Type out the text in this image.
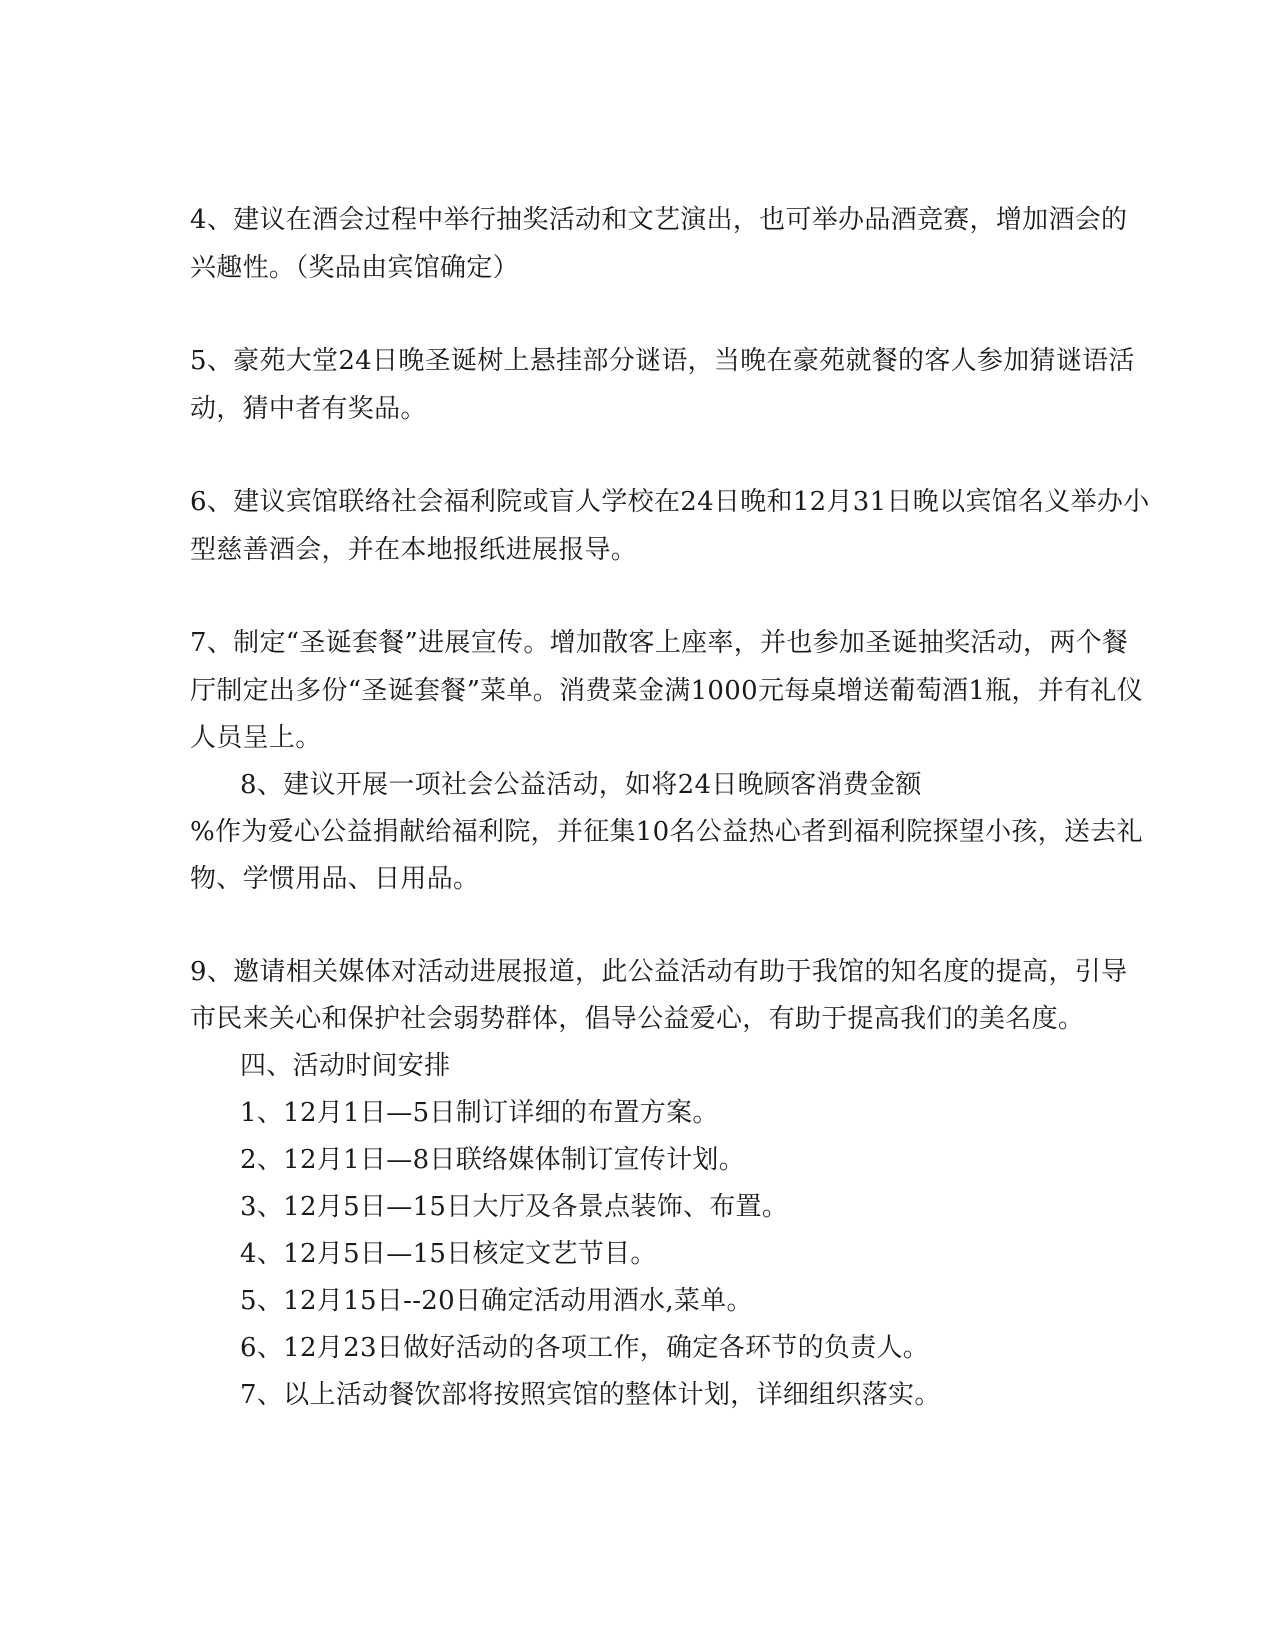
4、建议在酒会过程中举行抽奖活动和文艺演出，也可举办品酒竞赛，增加酒会的
兴趣性。（奖品由宾馆确定）
5、豪苑大堂24日晚圣诞树上悬挂部分谜语，当晚在豪苑就餐的客人参加猜谜语活
动，猜中者有奖品。
6、建议宾馆联络社会福利院或盲人学校在24日晚和12月31日晚以宾馆名义举办小
型慈善酒会，并在本地报纸进展报导。
7、制定“圣诞套餐”进展宣传。增加散客上座率，并也参加圣诞抽奖活动，两个餐
厅制定出多份“圣诞套餐”菜单。消费菜金满1000元每桌增送葡萄酒1瓶，并有礼仪
人员呈上。
8、建议开展一项社会公益活动，如将24日晚顾客消费金额
%作为爱心公益捐献给福利院，并征集10名公益热心者到福利院探望小孩，送去礼
物、学惯用品、日用品。
9、邀请相关媒体对活动进展报道，此公益活动有助于我馆的知名度的提高，引导
市民来关心和保护社会弱势群体，倡导公益爱心，有助于提高我们的美名度。
四、活动时间安排
1、12月1日—5日制订详细的布置方案。
2、12月1日—8日联络媒体制订宣传计划。
3、12月5日—15日大厅及各景点装饰、布置。
4、12月5日—15日核定文艺节目。
5、12月15日--20日确定活动用酒水,菜单。
6、12月23日做好活动的各项工作，确定各环节的负责人。
7、以上活动餐饮部将按照宾馆的整体计划，详细组织落实。
